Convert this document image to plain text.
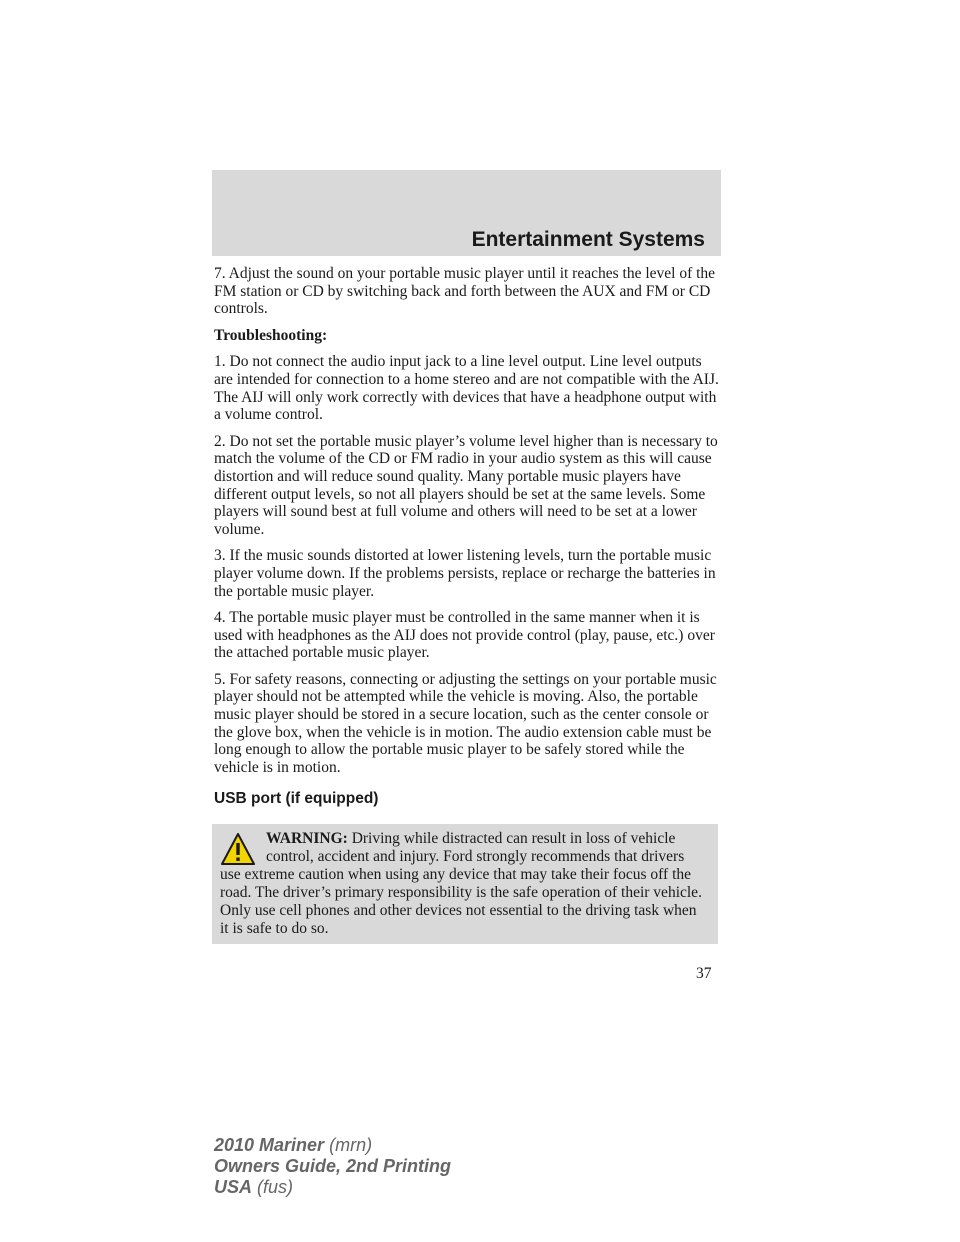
Entertainment Systems

7. Adjust the sound on your portable music player until it reaches the level of the FM station or CD by switching back and forth between the AUX and FM or CD controls.

Troubleshooting:

1. Do not connect the audio input jack to a line level output. Line level outputs are intended for connection to a home stereo and are not compatible with the AIJ. The AIJ will only work correctly with devices that have a headphone output with a volume control.

2. Do not set the portable music player’s volume level higher than is necessary to match the volume of the CD or FM radio in your audio system as this will cause distortion and will reduce sound quality. Many portable music players have different output levels, so not all players should be set at the same levels. Some players will sound best at full volume and others will need to be set at a lower volume.

3. If the music sounds distorted at lower listening levels, turn the portable music player volume down. If the problems persists, replace or recharge the batteries in the portable music player.

4. The portable music player must be controlled in the same manner when it is used with headphones as the AIJ does not provide control (play, pause, etc.) over the attached portable music player.

5. For safety reasons, connecting or adjusting the settings on your portable music player should not be attempted while the vehicle is moving. Also, the portable music player should be stored in a secure location, such as the center console or the glove box, when the vehicle is in motion. The audio extension cable must be long enough to allow the portable music player to be safely stored while the vehicle is in motion.

USB port (if equipped)

WARNING: Driving while distracted can result in loss of vehicle control, accident and injury. Ford strongly recommends that drivers use extreme caution when using any device that may take their focus off the road. The driver’s primary responsibility is the safe operation of their vehicle. Only use cell phones and other devices not essential to the driving task when it is safe to do so.

37
2010 Mariner (mrn)
Owners Guide, 2nd Printing
USA (fus)
